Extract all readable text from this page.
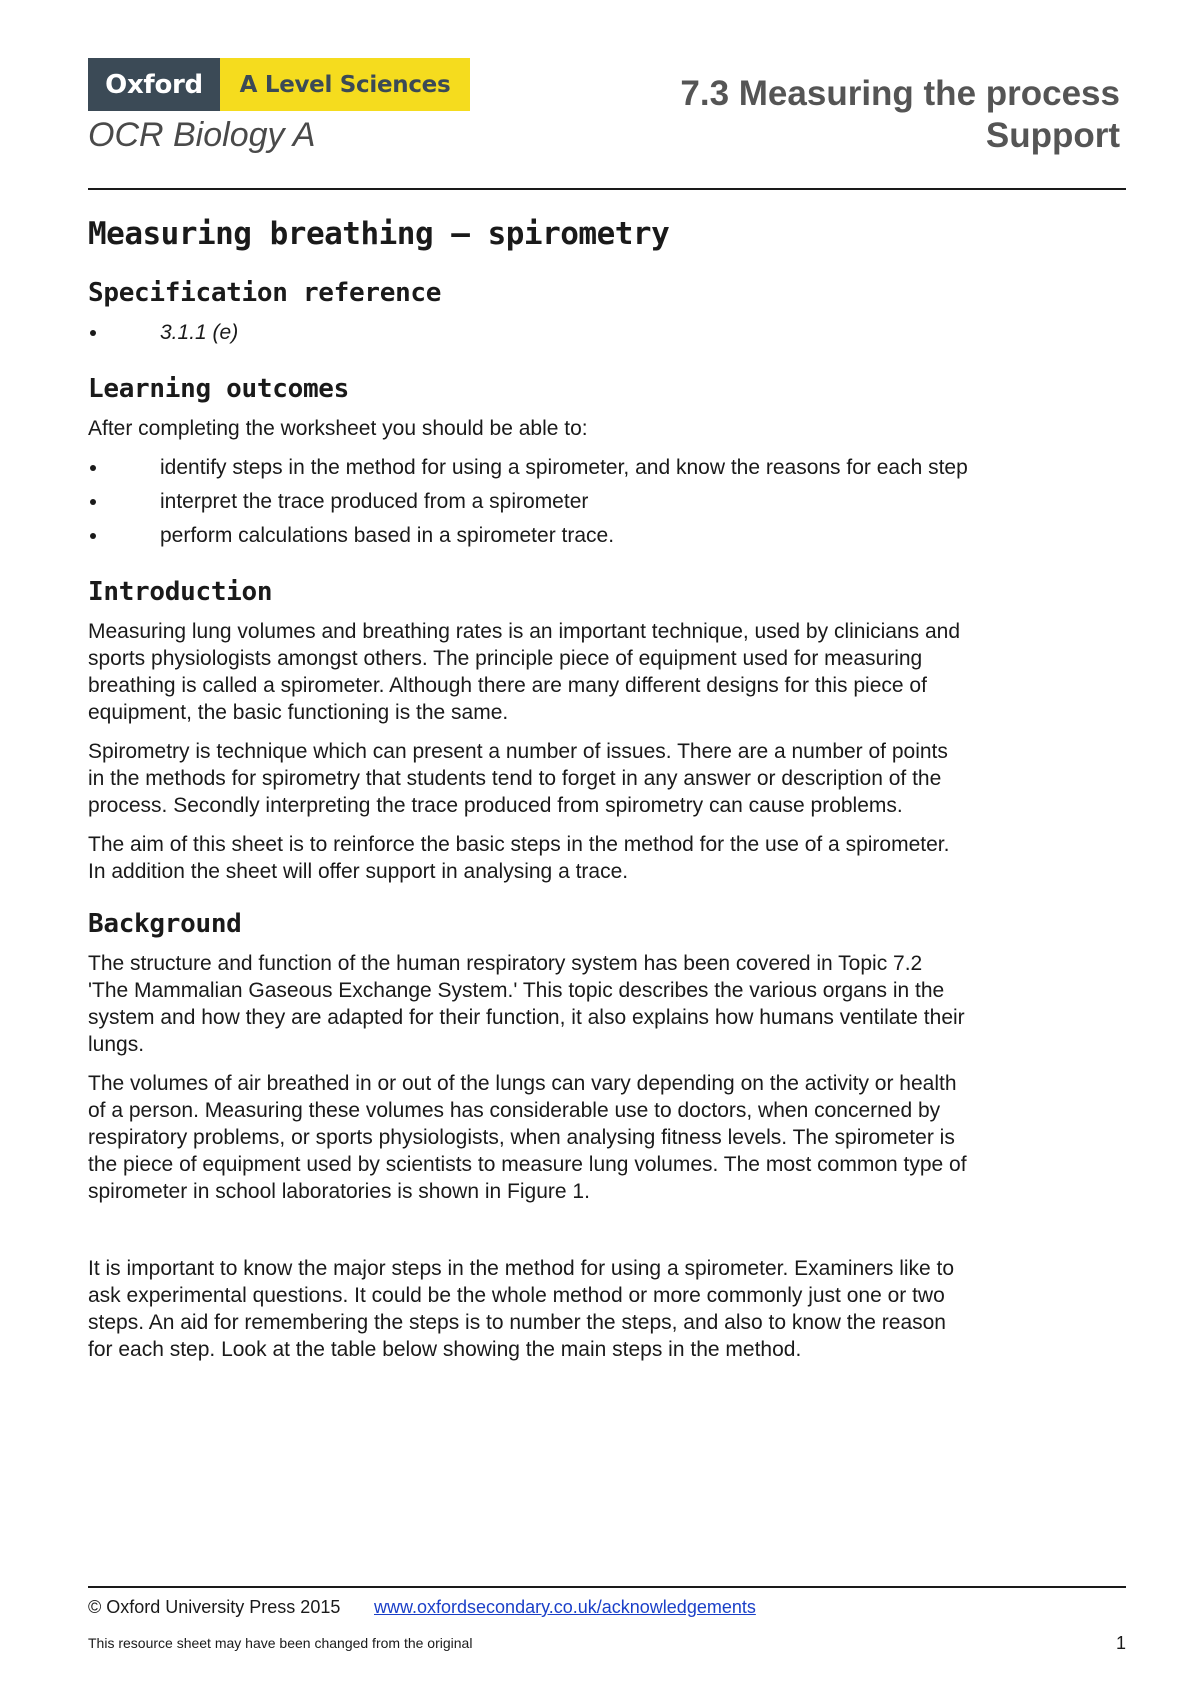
Oxford	A Level Sciences
OCR Biology A
7.3 Measuring the process
Support
Measuring breathing – spirometry
Specification reference
3.1.1 (e)
Learning outcomes

After completing the worksheet you should be able to:

identify steps in the method for using a spirometer, and know the reasons for each step
interpret the trace produced from a spirometer
perform calculations based in a spirometer trace.
Introduction

Measuring lung volumes and breathing rates is an important technique, used by clinicians and sports physiologists amongst others. The principle piece of equipment used for measuring breathing is called a spirometer. Although there are many different designs for this piece of equipment, the basic functioning is the same.

Spirometry is technique which can present a number of issues. There are a number of points in the methods for spirometry that students tend to forget in any answer or description of the process. Secondly interpreting the trace produced from spirometry can cause problems.

The aim of this sheet is to reinforce the basic steps in the method for the use of a spirometer. In addition the sheet will offer support in analysing a trace.

Background

The structure and function of the human respiratory system has been covered in Topic 7.2 'The Mammalian Gaseous Exchange System.' This topic describes the various organs in the system and how they are adapted for their function, it also explains how humans ventilate their lungs.

The volumes of air breathed in or out of the lungs can vary depending on the activity or health of a person. Measuring these volumes has considerable use to doctors, when concerned by respiratory problems, or sports physiologists, when analysing fitness levels. The spirometer is the piece of equipment used by scientists to measure lung volumes. The most common type of spirometer in school laboratories is shown in Figure 1.

It is important to know the major steps in the method for using a spirometer. Examiners like to ask experimental questions. It could be the whole method or more commonly just one or two steps. An aid for remembering the steps is to number the steps, and also to know the reason for each step. Look at the table below showing the main steps in the method.

© Oxford University Press 2015 www.oxfordsecondary.co.uk/acknowledgements
This resource sheet may have been changed from the original	1
